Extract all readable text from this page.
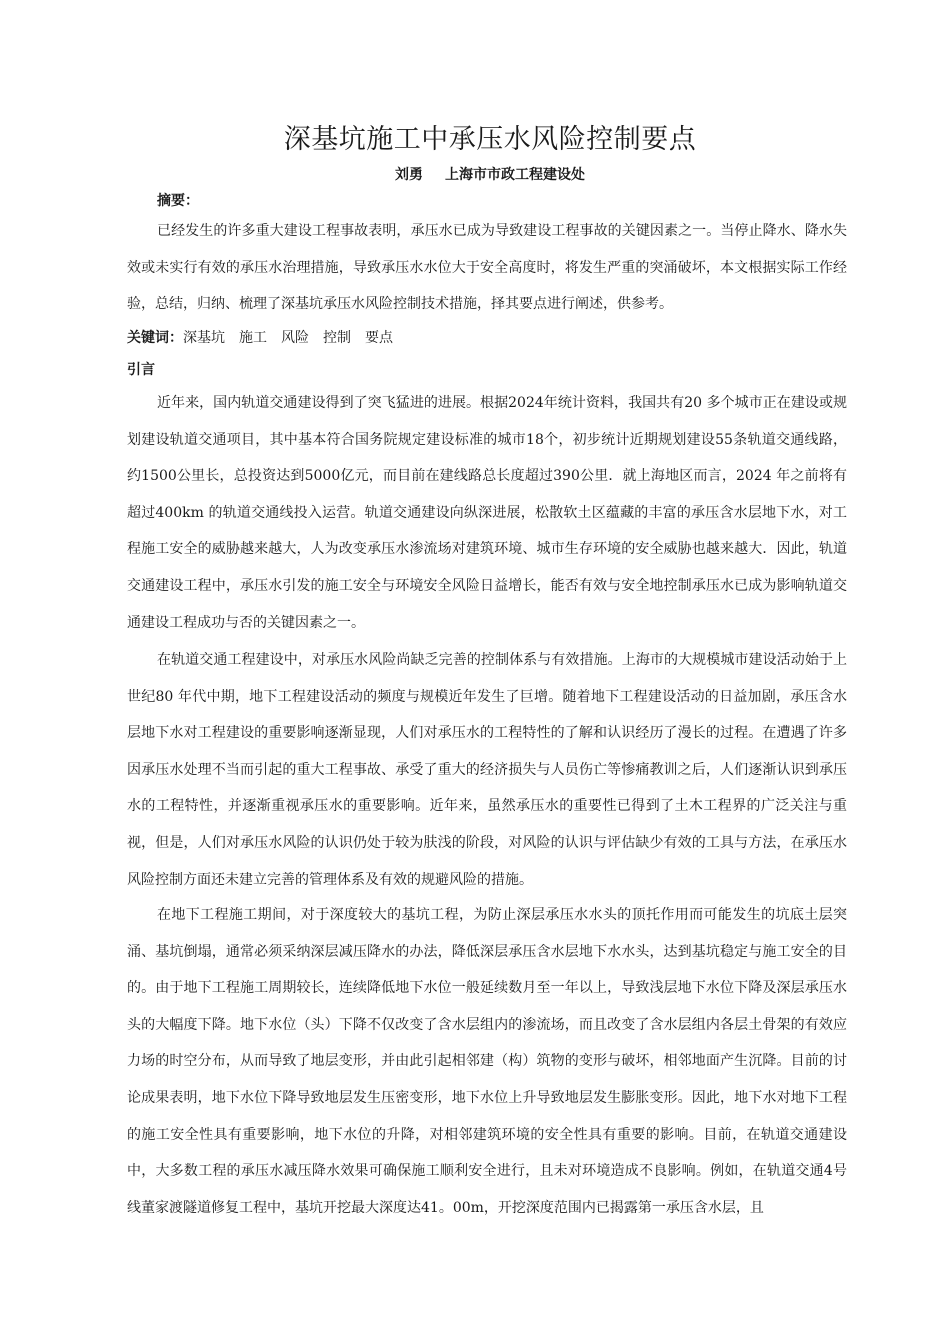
深基坑施工中承压水风险控制要点
刘勇 上海市市政工程建设处
摘要：

已经发生的许多重大建设工程事故表明，承压水已成为导致建设工程事故的关键因素之一。当停止降水、降水失效或未实行有效的承压水治理措施，导致承压水水位大于安全高度时，将发生严重的突涌破坏，本文根据实际工作经验，总结，归纳、梳理了深基坑承压水风险控制技术措施，择其要点进行阐述，供参考。

关键词：深基坑 施工 风险 控制 要点
引言

近年来，国内轨道交通建设得到了突飞猛进的进展。根据2024年统计资料，我国共有20 多个城市正在建设或规划建设轨道交通项目，其中基本符合国务院规定建设标准的城市18个，初步统计近期规划建设55条轨道交通线路，约1500公里长，总投资达到5000亿元，而目前在建线路总长度超过390公里．就上海地区而言，2024 年之前将有超过400km 的轨道交通线投入运营。轨道交通建设向纵深进展，松散软土区蕴藏的丰富的承压含水层地下水，对工程施工安全的威胁越来越大，人为改变承压水渗流场对建筑环境、城市生存环境的安全威胁也越来越大．因此，轨道交通建设工程中，承压水引发的施工安全与环境安全风险日益增长，能否有效与安全地控制承压水已成为影响轨道交通建设工程成功与否的关键因素之一。

在轨道交通工程建设中，对承压水风险尚缺乏完善的控制体系与有效措施。上海市的大规模城市建设活动始于上世纪80 年代中期，地下工程建设活动的频度与规模近年发生了巨增。随着地下工程建设活动的日益加剧，承压含水层地下水对工程建设的重要影响逐渐显现，人们对承压水的工程特性的了解和认识经历了漫长的过程。在遭遇了许多因承压水处理不当而引起的重大工程事故、承受了重大的经济损失与人员伤亡等惨痛教训之后，人们逐渐认识到承压水的工程特性，并逐渐重视承压水的重要影响。近年来，虽然承压水的重要性已得到了土木工程界的广泛关注与重视，但是，人们对承压水风险的认识仍处于较为肤浅的阶段，对风险的认识与评估缺少有效的工具与方法，在承压水风险控制方面还未建立完善的管理体系及有效的规避风险的措施。

在地下工程施工期间，对于深度较大的基坑工程，为防止深层承压水水头的顶托作用而可能发生的坑底土层突涌、基坑倒塌，通常必须采纳深层减压降水的办法，降低深层承压含水层地下水水头，达到基坑稳定与施工安全的目的。由于地下工程施工周期较长，连续降低地下水位一般延续数月至一年以上，导致浅层地下水位下降及深层承压水头的大幅度下降。地下水位（头）下降不仅改变了含水层组内的渗流场，而且改变了含水层组内各层土骨架的有效应力场的时空分布，从而导致了地层变形，并由此引起相邻建（构）筑物的变形与破坏，相邻地面产生沉降。目前的讨论成果表明，地下水位下降导致地层发生压密变形，地下水位上升导致地层发生膨胀变形。因此，地下水对地下工程的施工安全性具有重要影响，地下水位的升降，对相邻建筑环境的安全性具有重要的影响。目前，在轨道交通建设中，大多数工程的承压水减压降水效果可确保施工顺利安全进行，且未对环境造成不良影响。例如，在轨道交通4号线董家渡隧道修复工程中，基坑开挖最大深度达41。00m，开挖深度范围内已揭露第一承压含水层，且
